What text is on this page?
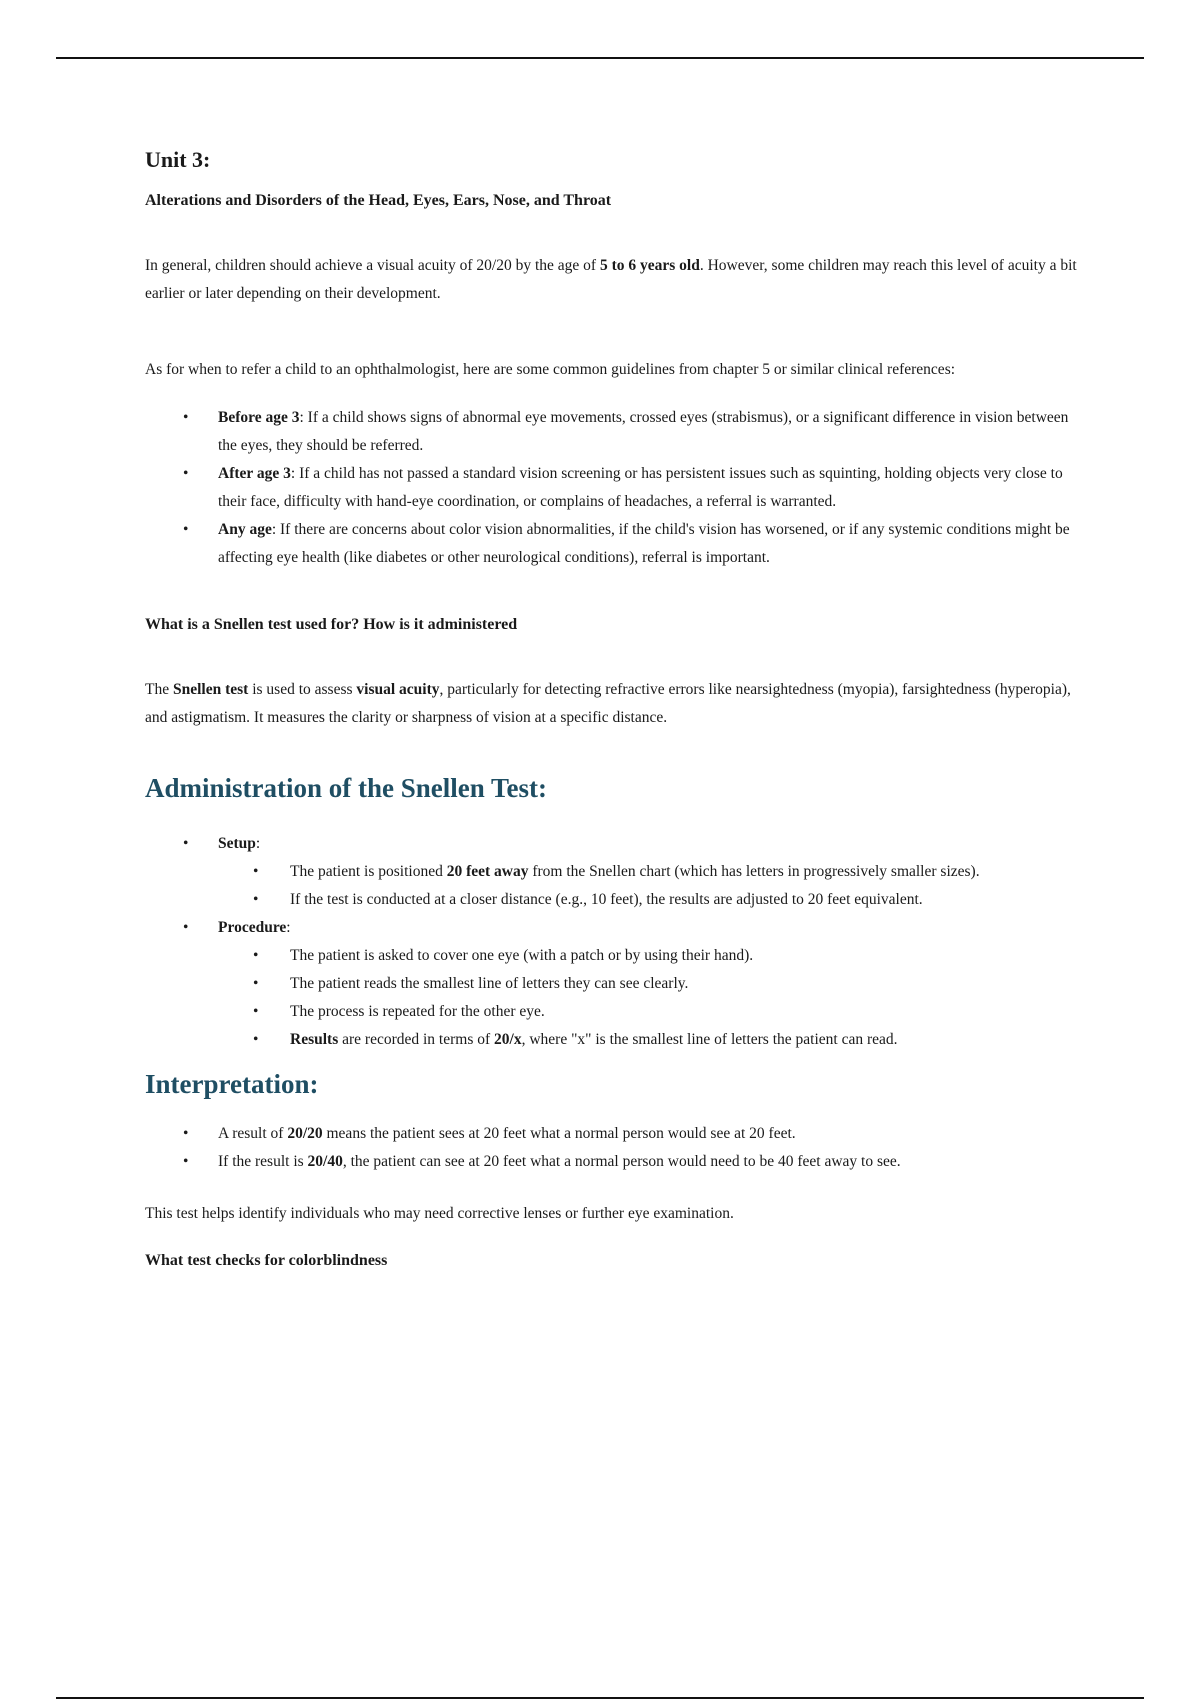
Unit 3:
Alterations and Disorders of the Head, Eyes, Ears, Nose, and Throat

In general, children should achieve a visual acuity of 20/20 by the age of 5 to 6 years old. However, some children may reach this level of acuity a bit earlier or later depending on their development.

As for when to refer a child to an ophthalmologist, here are some common guidelines from chapter 5 or similar clinical references:

• Before age 3: If a child shows signs of abnormal eye movements, crossed eyes (strabismus), or a significant difference in vision between the eyes, they should be referred.
• After age 3: If a child has not passed a standard vision screening or has persistent issues such as squinting, holding objects very close to their face, difficulty with hand-eye coordination, or complains of headaches, a referral is warranted.
• Any age: If there are concerns about color vision abnormalities, if the child's vision has worsened, or if any systemic conditions might be affecting eye health (like diabetes or other neurological conditions), referral is important.
What is a Snellen test used for? How is it administered

The Snellen test is used to assess visual acuity, particularly for detecting refractive errors like nearsightedness (myopia), farsightedness (hyperopia), and astigmatism. It measures the clarity or sharpness of vision at a specific distance.

Administration of the Snellen Test:
• Setup:
•	The patient is positioned 20 feet away from the Snellen chart (which has letters in progressively smaller sizes).
•	If the test is conducted at a closer distance (e.g., 10 feet), the results are adjusted to 20 feet equivalent.
• Procedure:
•	The patient is asked to cover one eye (with a patch or by using their hand).
•	The patient reads the smallest line of letters they can see clearly.
•	The process is repeated for the other eye.
•	Results are recorded in terms of 20/x, where "x" is the smallest line of letters the patient can read.
Interpretation:
• A result of 20/20 means the patient sees at 20 feet what a normal person would see at 20 feet.
• If the result is 20/40, the patient can see at 20 feet what a normal person would need to be 40 feet away to see.

This test helps identify individuals who may need corrective lenses or further eye examination.

What test checks for colorblindness
